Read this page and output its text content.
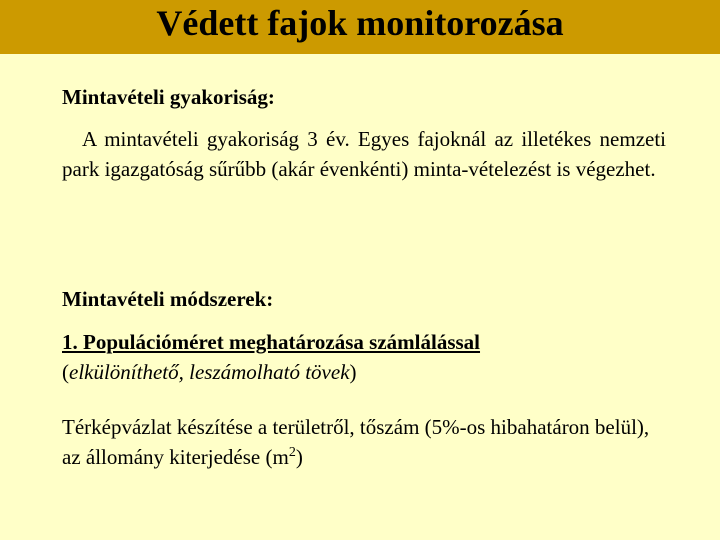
Védett fajok monitorozása
Mintavételi gyakoriság:
A mintavételi gyakoriság 3 év. Egyes fajoknál az illetékes nemzeti park igazgatóság sűrűbb (akár évenkénti) minta-vételezést is végezhet.
Mintavételi módszerek:
1. Populációméret meghatározása számlálással
(elkülöníthető, leszámolható tövek)
Térképvázlat készítése a területről, tőszám (5%-os hibahatáron belül), az állomány kiterjedése $(m^2)$
